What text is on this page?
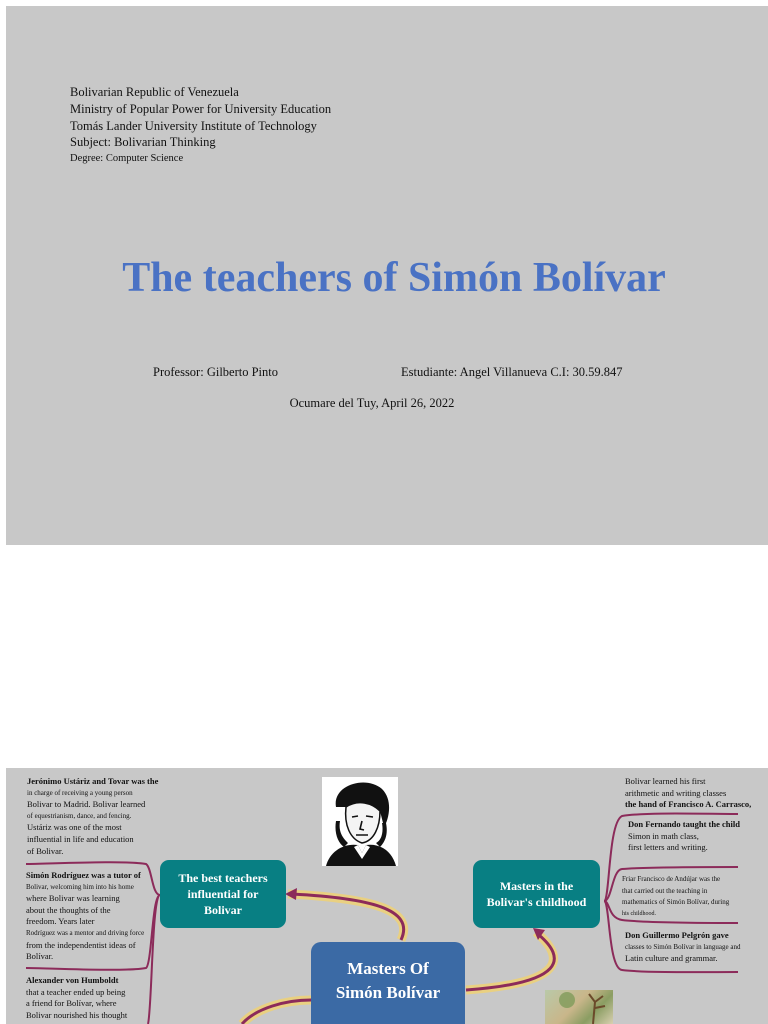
Bolivarian Republic of Venezuela
Ministry of Popular Power for University Education
Tomás Lander University Institute of Technology
Subject: Bolivarian Thinking
Degree: Computer Science
The teachers of Simón Bolívar
Professor: Gilberto Pinto	Estudiante: Angel Villanueva C.I: 30.59.847
Ocumare del Tuy, April 26, 2022
The best teachers
influential for
Bolivar
Masters in the
Bolivar's childhood
Masters Of
Simón Bolívar
Jerónimo Ustáriz and Tovar was the
in charge of receiving a young person
Bolivar to Madrid. Bolivar learned
of equestrianism, dance, and fencing.
Ustáriz was one of the most
influential in life and education
of Bolivar.
Simón Rodríguez was a tutor of
Bolivar, welcoming him into his home
where Bolivar was learning
about the thoughts of the
freedom. Years later
Rodríguez was a mentor and driving force
from the independentist ideas of
Bolívar.
Alexander von Humboldt
that a teacher ended up being
a friend for Bolívar, where
Bolivar nourished his thought
Bolivar learned his first
arithmetic and writing classes
the hand of Francisco A. Carrasco,
Don Fernando taught the child
Simon in math class,
first letters and writing.
Friar Francisco de Andújar was the
that carried out the teaching in
mathematics of Simón Bolívar, during
his childhood.
Don Guillermo Pelgrón gave
classes to Simón Bolívar in language and
Latin culture and grammar.
